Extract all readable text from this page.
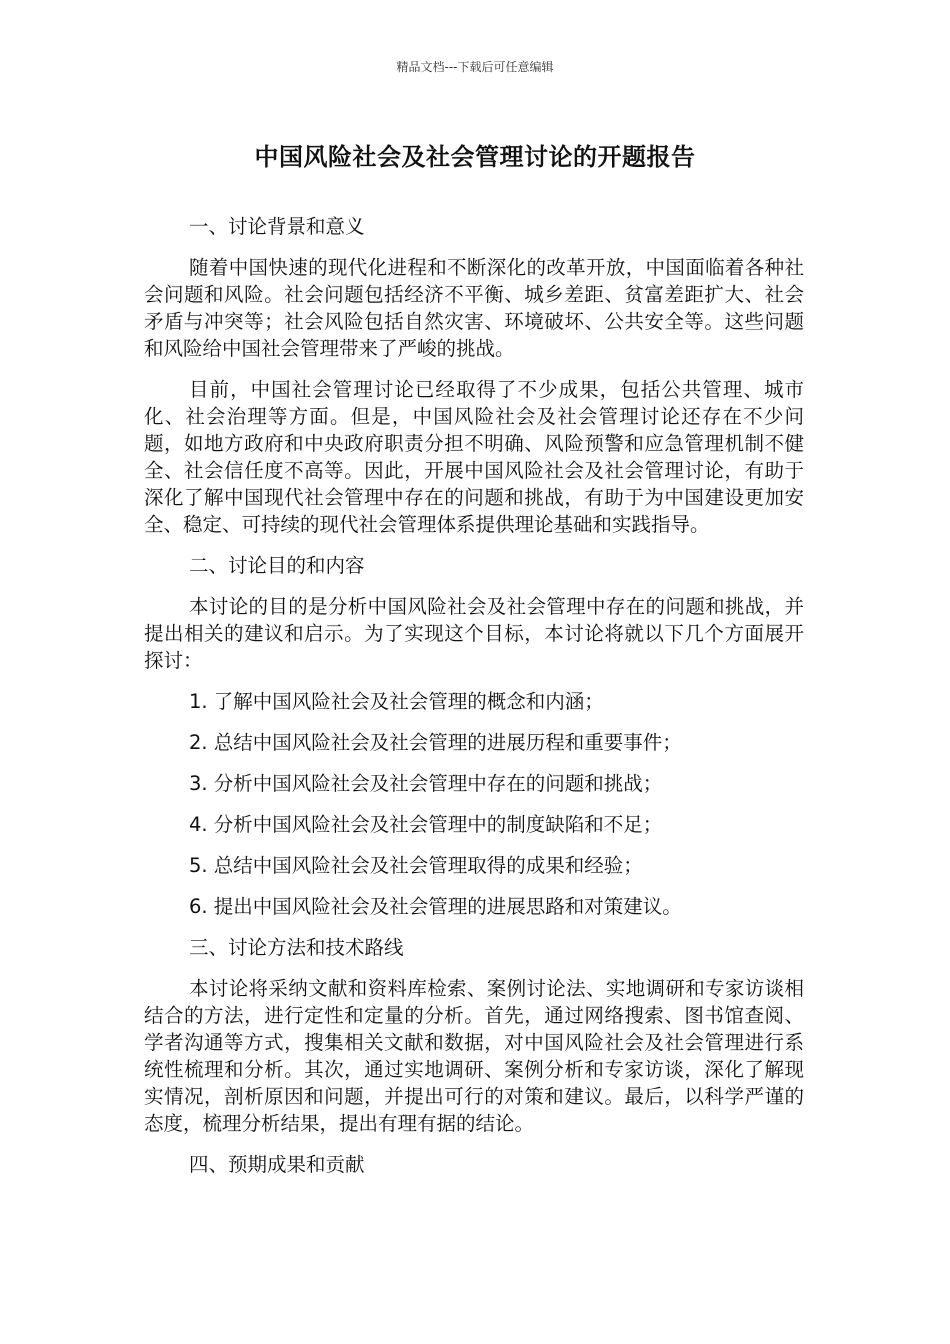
精品文档---下载后可任意编辑
中国风险社会及社会管理讨论的开题报告

一、讨论背景和意义

随着中国快速的现代化进程和不断深化的改革开放，中国面临着各种社会问题和风险。社会问题包括经济不平衡、城乡差距、贫富差距扩大、社会矛盾与冲突等；社会风险包括自然灾害、环境破坏、公共安全等。这些问题和风险给中国社会管理带来了严峻的挑战。

目前，中国社会管理讨论已经取得了不少成果，包括公共管理、城市化、社会治理等方面。但是，中国风险社会及社会管理讨论还存在不少问题，如地方政府和中央政府职责分担不明确、风险预警和应急管理机制不健全、社会信任度不高等。因此，开展中国风险社会及社会管理讨论，有助于深化了解中国现代社会管理中存在的问题和挑战，有助于为中国建设更加安全、稳定、可持续的现代社会管理体系提供理论基础和实践指导。

二、讨论目的和内容

本讨论的目的是分析中国风险社会及社会管理中存在的问题和挑战，并提出相关的建议和启示。为了实现这个目标，本讨论将就以下几个方面展开探讨：

1. 了解中国风险社会及社会管理的概念和内涵；

2. 总结中国风险社会及社会管理的进展历程和重要事件；

3. 分析中国风险社会及社会管理中存在的问题和挑战；

4. 分析中国风险社会及社会管理中的制度缺陷和不足；

5. 总结中国风险社会及社会管理取得的成果和经验；

6. 提出中国风险社会及社会管理的进展思路和对策建议。

三、讨论方法和技术路线

本讨论将采纳文献和资料库检索、案例讨论法、实地调研和专家访谈相结合的方法，进行定性和定量的分析。首先，通过网络搜索、图书馆查阅、学者沟通等方式，搜集相关文献和数据，对中国风险社会及社会管理进行系统性梳理和分析。其次，通过实地调研、案例分析和专家访谈，深化了解现实情况，剖析原因和问题，并提出可行的对策和建议。最后，以科学严谨的态度，梳理分析结果，提出有理有据的结论。

四、预期成果和贡献
